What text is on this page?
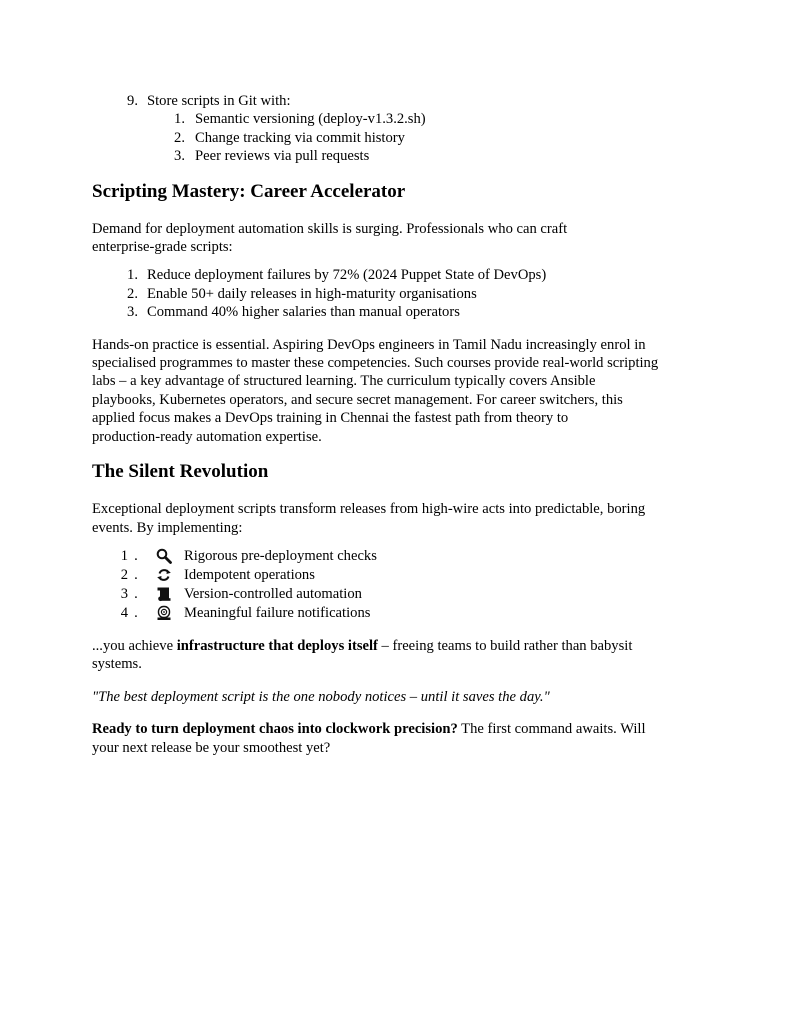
9. Store scripts in Git with:
1. Semantic versioning (deploy-v1.3.2.sh)
2. Change tracking via commit history
3. Peer reviews via pull requests
Scripting Mastery: Career Accelerator

Demand for deployment automation skills is surging. Professionals who can craft

enterprise-grade scripts:

1. Reduce deployment failures by 72% (2024 Puppet State of DevOps)
2. Enable 50+ daily releases in high-maturity organisations
3. Command 40% higher salaries than manual operators

Hands-on practice is essential. Aspiring DevOps engineers in Tamil Nadu increasingly enrol in

specialised programmes to master these competencies. Such courses provide real-world scripting

labs – a key advantage of structured learning. The curriculum typically covers Ansible

playbooks, Kubernetes operators, and secure secret management. For career switchers, this

applied focus makes a DevOps training in Chennai the fastest path from theory to

production-ready automation expertise.

The Silent Revolution

Exceptional deployment scripts transform releases from high-wire acts into predictable, boring

events. By implementing:

1 .	Rigorous pre-deployment checks
2 .	Idempotent operations
3 .	Version-controlled automation
4 .	Meaningful failure notifications

...you achieve infrastructure that deploys itself – freeing teams to build rather than babysit

systems.

"The best deployment script is the one nobody notices – until it saves the day."

Ready to turn deployment chaos into clockwork precision? The first command awaits. Will

your next release be your smoothest yet?
